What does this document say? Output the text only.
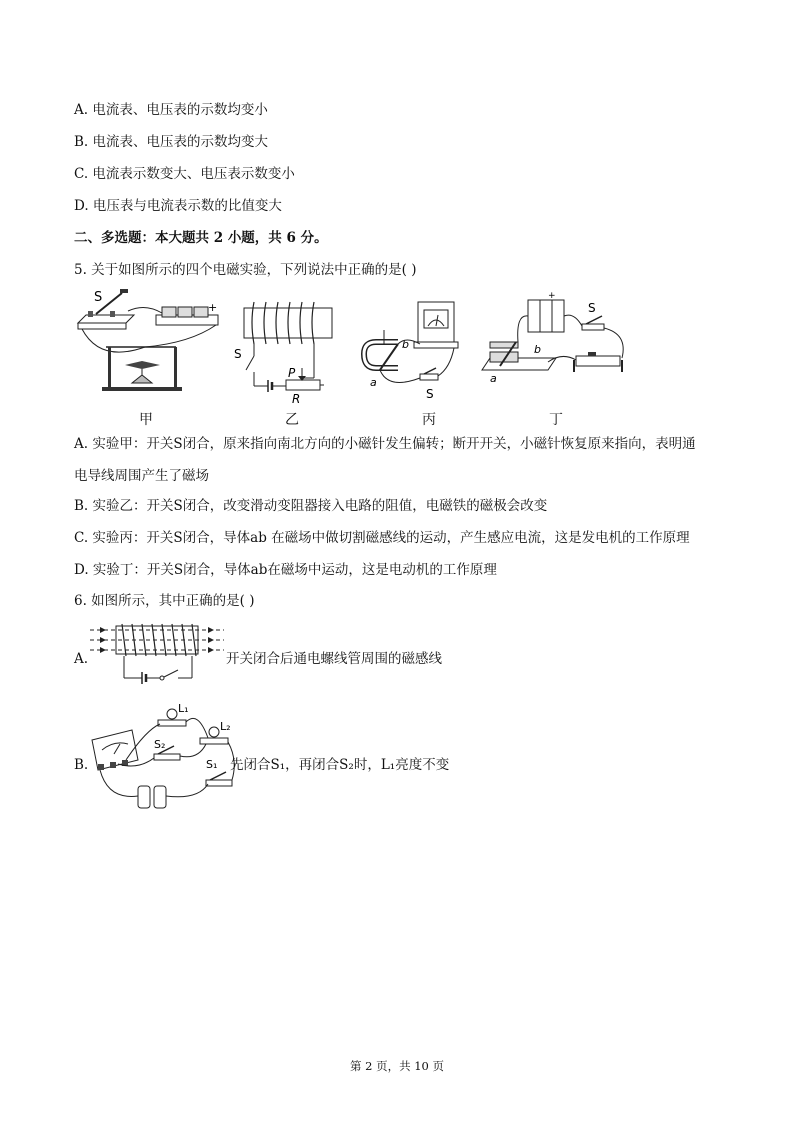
A. 电流表、电压表的示数均变小
B. 电流表、电压表的示数均变大
C. 电流表示数变大、电压表示数变小
D. 电压表与电流表示数的比值变大
二、多选题：本大题共 2 小题，共 6 分。
5. 关于如图所示的四个电磁实验，下列说法中正确的是( )
S
+
甲
S
P
R
乙
b
a
S
丙
+
S
b
a
丁
A. 实验甲：开关S闭合，原来指向南北方向的小磁针发生偏转；断开开关，小磁针恢复原来指向，表明通
电导线周围产生了磁场
B. 实验乙：开关S闭合，改变滑动变阻器接入电路的阻值，电磁铁的磁极会改变
C. 实验丙：开关S闭合，导体ab 在磁场中做切割磁感线的运动，产生感应电流，这是发电机的工作原理
D. 实验丁：开关S闭合，导体ab在磁场中运动，这是电动机的工作原理
6. 如图所示，其中正确的是( )
A.	开关闭合后通电螺线管周围的磁感线
B.
L₁
L₂
S₂
S₁ 先闭合S₁，再闭合S₂时，L₁亮度不变
第 2 页，共 10 页
